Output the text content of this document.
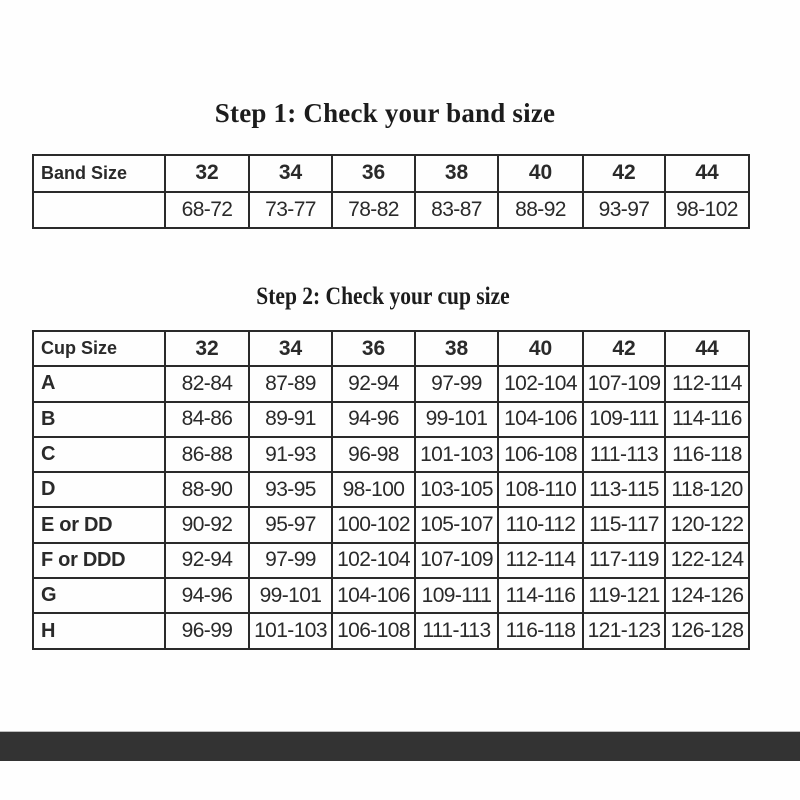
Step 1: Check your band size
Band Size	32	34	36	38	40	42	44
	68-72	73-77	78-82	83-87	88-92	93-97	98-102
Step 2: Check your cup size
Cup Size	32	34	36	38	40	42	44
A	82-84	87-89	92-94	97-99	102-104	107-109	112-114
B	84-86	89-91	94-96	99-101	104-106	109-111	114-116
C	86-88	91-93	96-98	101-103	106-108	111-113	116-118
D	88-90	93-95	98-100	103-105	108-110	113-115	118-120
E or DD	90-92	95-97	100-102	105-107	110-112	115-117	120-122
F or DDD	92-94	97-99	102-104	107-109	112-114	117-119	122-124
G	94-96	99-101	104-106	109-111	114-116	119-121	124-126
H	96-99	101-103	106-108	111-113	116-118	121-123	126-128
